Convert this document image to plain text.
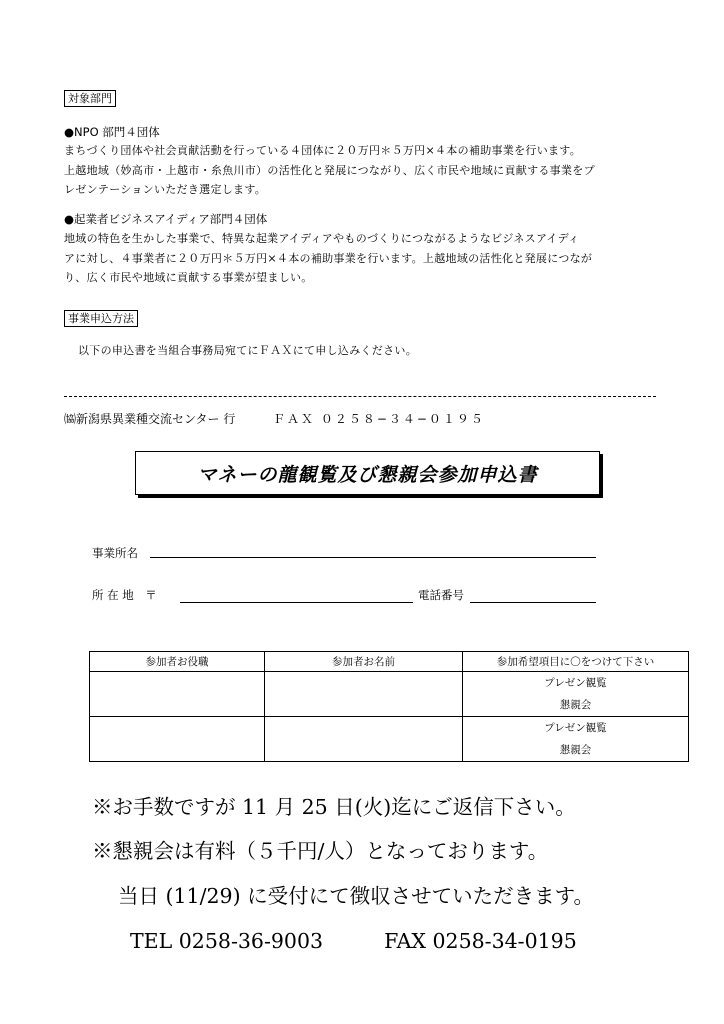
対象部門
●NPO 部門４団体
まちづくり団体や社会貢献活動を行っている４団体に２０万円＊５万円×４本の補助事業を行います。
上越地域（妙高市・上越市・糸魚川市）の活性化と発展につながり、広く市民や地域に貢献する事業をプ
レゼンテーションいただき選定します。
●起業者ビジネスアイディア部門４団体
地域の特色を生かした事業で、特異な起業アイディアやものづくりにつながるようなビジネスアイディ
アに対し、４事業者に２０万円＊５万円×４本の補助事業を行います。上越地域の活性化と発展につなが
り、広く市民や地域に貢献する事業が望ましい。
事業申込方法
以下の申込書を当組合事務局宛てにＦＡＸにて申し込みください。
㈿新潟県異業種交流センター 行	ＦＡＸ ０２５８−３４−０１９５
マネーの龍観覧及び懇親会参加申込書
事業所名
所 在 地　〒	電話番号
参加者お役職	参加者お名前	参加希望項目に〇をつけて下さい

		プレゼン観覧
懇親会

		プレゼン観覧
懇親会
※お手数ですが 11 月 25 日(火)迄にご返信下さい。
※懇親会は有料（５千円/人）となっております。
当日 (11/29) に受付にて徴収させていただきます。
TEL 0258-36-9003	FAX 0258-34-0195
